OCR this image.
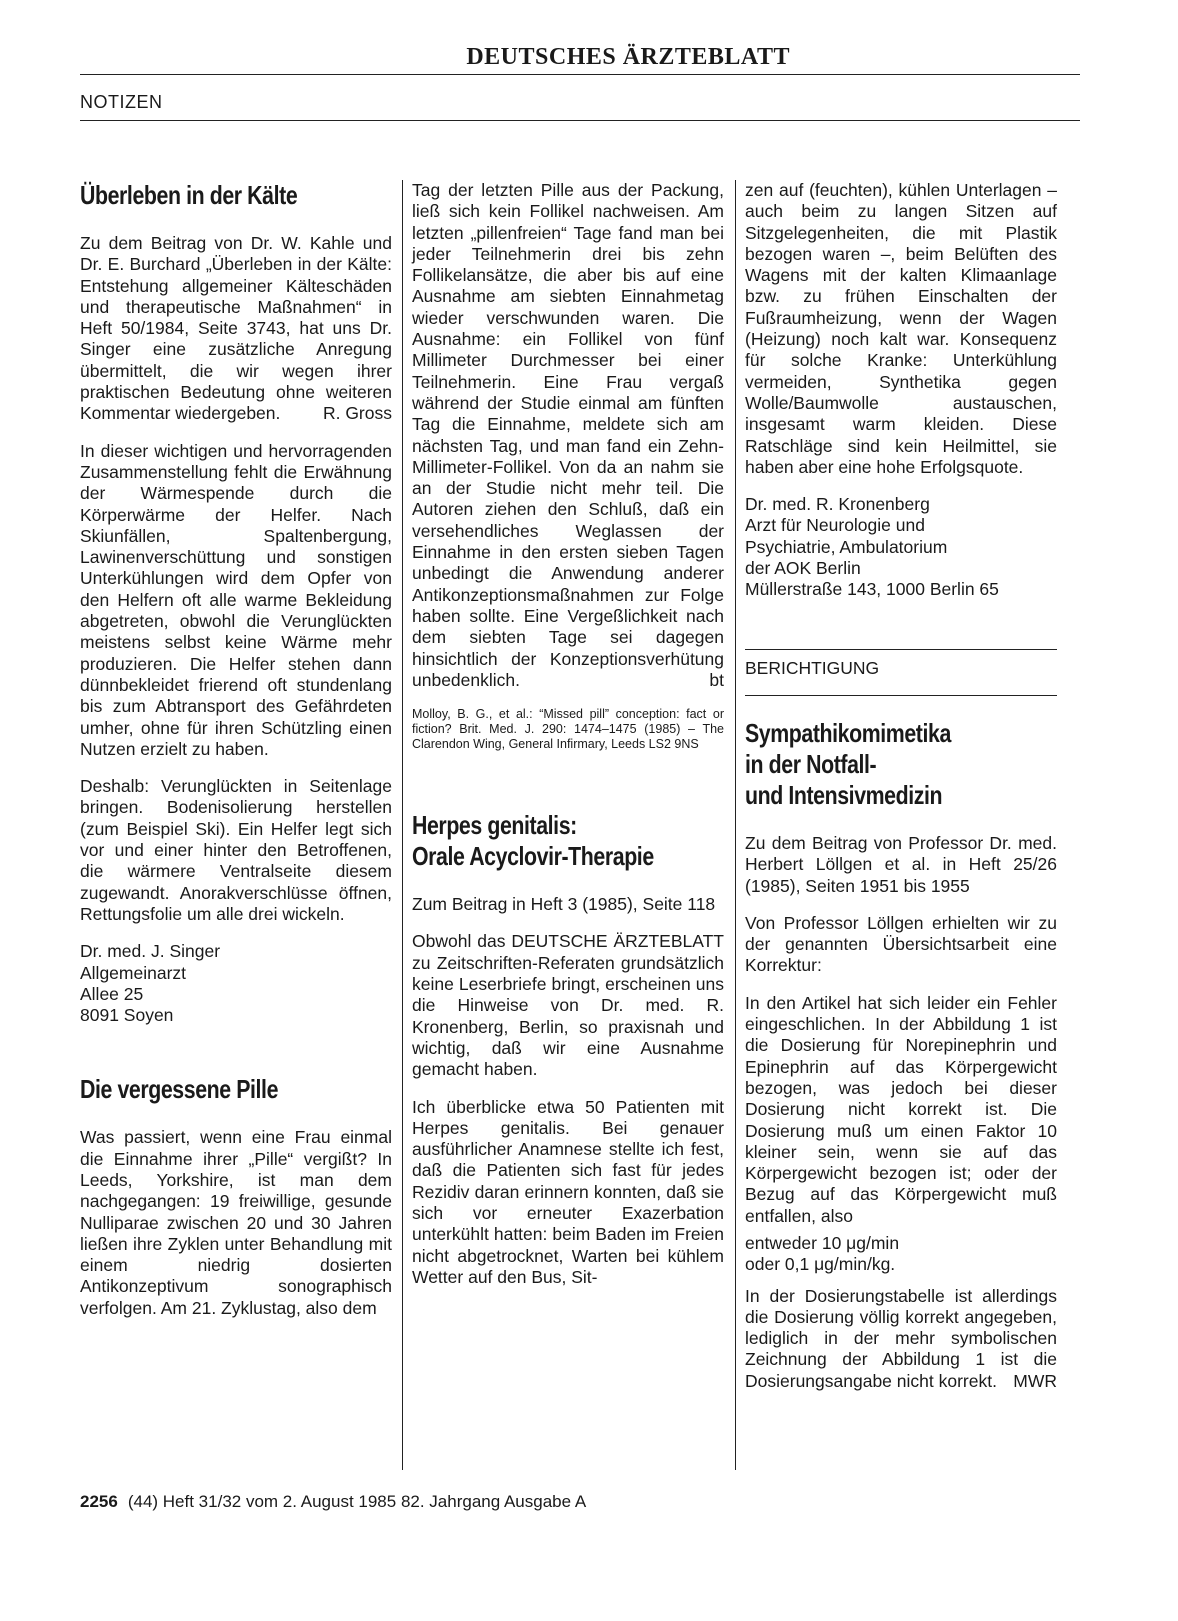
DEUTSCHES ÄRZTEBLATT
NOTIZEN
Überleben in der Kälte

Zu dem Beitrag von Dr. W. Kahle und Dr. E. Burchard „Überleben in der Kälte: Entstehung allgemeiner Kälteschäden und therapeutische Maßnahmen“ in Heft 50/1984, Seite 3743, hat uns Dr. Singer eine zusätzliche Anregung übermittelt, die wir wegen ihrer praktischen Bedeutung ohne weiteren Kommentar wiedergeben. R. Gross

In dieser wichtigen und hervorragenden Zusammenstellung fehlt die Erwähnung der Wärmespende durch die Körperwärme der Helfer. Nach Skiunfällen, Spaltenbergung, Lawinenverschüttung und sonstigen Unterkühlungen wird dem Opfer von den Helfern oft alle warme Bekleidung abgetreten, obwohl die Verunglückten meistens selbst keine Wärme mehr produzieren. Die Helfer stehen dann dünnbekleidet frierend oft stundenlang bis zum Abtransport des Gefährdeten umher, ohne für ihren Schützling einen Nutzen erzielt zu haben.

Deshalb: Verunglückten in Seitenlage bringen. Bodenisolierung herstellen (zum Beispiel Ski). Ein Helfer legt sich vor und einer hinter den Betroffenen, die wärmere Ventralseite diesem zugewandt. Anorakverschlüsse öffnen, Rettungsfolie um alle drei wickeln.

Dr. med. J. Singer
Allgemeinarzt
Allee 25
8091 Soyen

Die vergessene Pille

Was passiert, wenn eine Frau einmal die Einnahme ihrer „Pille“ vergißt? In Leeds, Yorkshire, ist man dem nachgegangen: 19 freiwillige, gesunde Nulliparae zwischen 20 und 30 Jahren ließen ihre Zyklen unter Behandlung mit einem niedrig dosierten Antikonzeptivum sonographisch verfolgen. Am 21. Zyklustag, also dem

Tag der letzten Pille aus der Packung, ließ sich kein Follikel nachweisen. Am letzten „pillenfreien“ Tage fand man bei jeder Teilnehmerin drei bis zehn Follikelansätze, die aber bis auf eine Ausnahme am siebten Einnahmetag wieder verschwunden waren. Die Ausnahme: ein Follikel von fünf Millimeter Durchmesser bei einer Teilnehmerin. Eine Frau vergaß während der Studie einmal am fünften Tag die Einnahme, meldete sich am nächsten Tag, und man fand ein Zehn-Millimeter-Follikel. Von da an nahm sie an der Studie nicht mehr teil. Die Autoren ziehen den Schluß, daß ein versehendliches Weglassen der Einnahme in den ersten sieben Tagen unbedingt die Anwendung anderer Antikonzeptionsmaßnahmen zur Folge haben sollte. Eine Vergeßlichkeit nach dem siebten Tage sei dagegen hinsichtlich der Konzeptionsverhütung unbedenklich.	bt

Molloy, B. G., et al.: “Missed pill” conception: fact or fiction? Brit. Med. J. 290: 1474–1475 (1985) – The Clarendon Wing, General Infirmary, Leeds LS2 9NS

Herpes genitalis:
Orale Acyclovir-Therapie

Zum Beitrag in Heft 3 (1985), Seite 118

Obwohl das DEUTSCHE ÄRZTEBLATT zu Zeitschriften-Referaten grundsätzlich keine Leserbriefe bringt, erscheinen uns die Hinweise von Dr. med. R. Kronenberg, Berlin, so praxisnah und wichtig, daß wir eine Ausnahme gemacht haben.

Ich überblicke etwa 50 Patienten mit Herpes genitalis. Bei genauer ausführlicher Anamnese stellte ich fest, daß die Patienten sich fast für jedes Rezidiv daran erinnern konnten, daß sie sich vor erneuter Exazerbation unterkühlt hatten: beim Baden im Freien nicht abgetrocknet, Warten bei kühlem Wetter auf den Bus, Sit-

zen auf (feuchten), kühlen Unterlagen – auch beim zu langen Sitzen auf Sitzgelegenheiten, die mit Plastik bezogen waren –, beim Belüften des Wagens mit der kalten Klimaanlage bzw. zu frühen Einschalten der Fußraumheizung, wenn der Wagen (Heizung) noch kalt war. Konsequenz für solche Kranke: Unterkühlung vermeiden, Synthetika gegen Wolle/Baumwolle austauschen, insgesamt warm kleiden. Diese Ratschläge sind kein Heilmittel, sie haben aber eine hohe Erfolgsquote.

Dr. med. R. Kronenberg
Arzt für Neurologie und
Psychiatrie, Ambulatorium
der AOK Berlin
Müllerstraße 143, 1000 Berlin 65

BERICHTIGUNG

Sympathikomimetika
in der Notfall-
und Intensivmedizin

Zu dem Beitrag von Professor Dr. med. Herbert Löllgen et al. in Heft 25/26 (1985), Seiten 1951 bis 1955

Von Professor Löllgen erhielten wir zu der genannten Übersichtsarbeit eine Korrektur:

In den Artikel hat sich leider ein Fehler eingeschlichen. In der Abbildung 1 ist die Dosierung für Norepinephrin und Epinephrin auf das Körpergewicht bezogen, was jedoch bei dieser Dosierung nicht korrekt ist. Die Dosierung muß um einen Faktor 10 kleiner sein, wenn sie auf das Körpergewicht bezogen ist; oder der Bezug auf das Körpergewicht muß entfallen, also

entweder 10 μg/min
oder 0,1 μg/min/kg.

In der Dosierungstabelle ist allerdings die Dosierung völlig korrekt angegeben, lediglich in der mehr symbolischen Zeichnung der Abbildung 1 ist die Dosierungsangabe nicht korrekt. MWR

2256 (44) Heft 31/32 vom 2. August 1985 82. Jahrgang Ausgabe A
